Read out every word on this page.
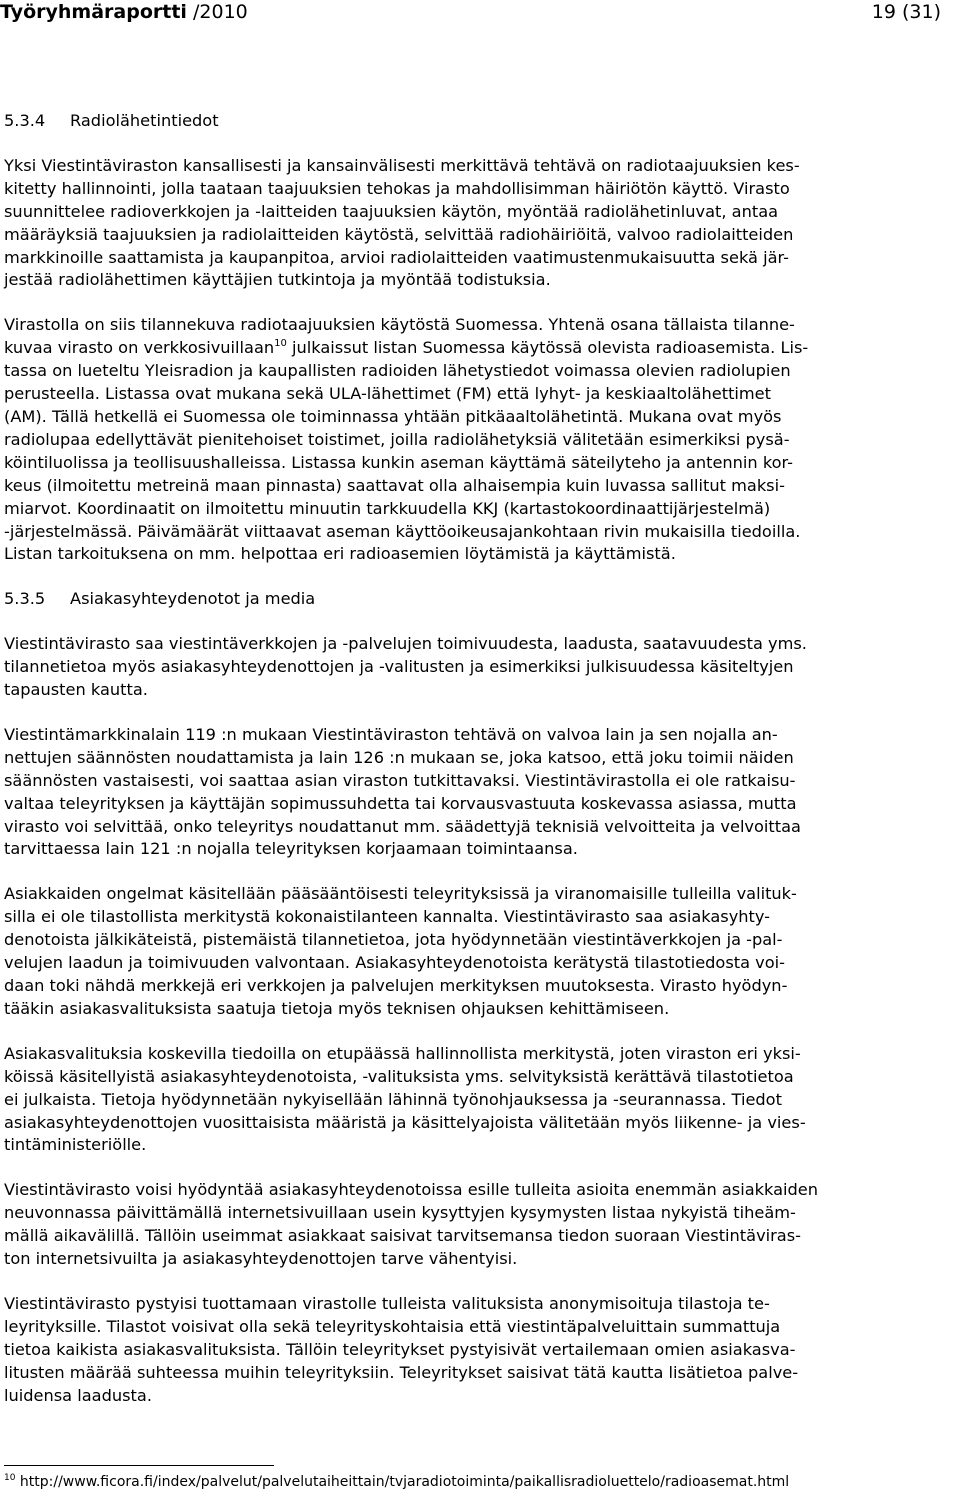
Työryhmäraportti /2010	19 (31)
5.3.4 Radiolähetintiedot
Yksi Viestintäviraston kansallisesti ja kansainvälisesti merkittävä tehtävä on radiotaajuuksien kes-
kitetty hallinnointi, jolla taataan taajuuksien tehokas ja mahdollisimman häiriötön käyttö. Virasto
suunnittelee radioverkkojen ja -laitteiden taajuuksien käytön, myöntää radiolähetinluvat, antaa
määräyksiä taajuuksien ja radiolaitteiden käytöstä, selvittää radiohäiriöitä, valvoo radiolaitteiden
markkinoille saattamista ja kaupanpitoa, arvioi radiolaitteiden vaatimustenmukaisuutta sekä jär-
jestää radiolähettimen käyttäjien tutkintoja ja myöntää todistuksia.
Virastolla on siis tilannekuva radiotaajuuksien käytöstä Suomessa. Yhtenä osana tällaista tilanne-
kuvaa virasto on verkkosivuillaan$^{10}$ julkaissut listan Suomessa käytössä olevista radioasemista. Lis-
tassa on lueteltu Yleisradion ja kaupallisten radioiden lähetystiedot voimassa olevien radiolupien
perusteella. Listassa ovat mukana sekä ULA-lähettimet (FM) että lyhyt- ja keskiaaltolähettimet
(AM). Tällä hetkellä ei Suomessa ole toiminnassa yhtään pitkäaaltolähetintä. Mukana ovat myös
radiolupaa edellyttävät pienitehoiset toistimet, joilla radiolähetyksiä välitetään esimerkiksi pysä-
köintiluolissa ja teollisuushalleissa. Listassa kunkin aseman käyttämä säteilyteho ja antennin kor-
keus (ilmoitettu metreinä maan pinnasta) saattavat olla alhaisempia kuin luvassa sallitut maksi-
miarvot. Koordinaatit on ilmoitettu minuutin tarkkuudella KKJ (kartastokoordinaattijärjestelmä)
-järjestelmässä. Päivämäärät viittaavat aseman käyttöoikeusajankohtaan rivin mukaisilla tiedoilla.
Listan tarkoituksena on mm. helpottaa eri radioasemien löytämistä ja käyttämistä.
5.3.5 Asiakasyhteydenotot ja media
Viestintävirasto saa viestintäverkkojen ja -palvelujen toimivuudesta, laadusta, saatavuudesta yms.
tilannetietoa myös asiakasyhteydenottojen ja -valitusten ja esimerkiksi julkisuudessa käsiteltyjen
tapausten kautta.
Viestintämarkkinalain 119 :n mukaan Viestintäviraston tehtävä on valvoa lain ja sen nojalla an-
nettujen säännösten noudattamista ja lain 126 :n mukaan se, joka katsoo, että joku toimii näiden
säännösten vastaisesti, voi saattaa asian viraston tutkittavaksi. Viestintävirastolla ei ole ratkaisu-
valtaa teleyrityksen ja käyttäjän sopimussuhdetta tai korvausvastuuta koskevassa asiassa, mutta
virasto voi selvittää, onko teleyritys noudattanut mm. säädettyjä teknisiä velvoitteita ja velvoittaa
tarvittaessa lain 121 :n nojalla teleyrityksen korjaamaan toimintaansa.
Asiakkaiden ongelmat käsitellään pääsääntöisesti teleyrityksissä ja viranomaisille tulleilla valituk-
silla ei ole tilastollista merkitystä kokonaistilanteen kannalta. Viestintävirasto saa asiakasyhty-
denotoista jälkikäteistä, pistemäistä tilannetietoa, jota hyödynnetään viestintäverkkojen ja -pal-
velujen laadun ja toimivuuden valvontaan. Asiakasyhteydenotoista kerätystä tilastotiedosta voi-
daan toki nähdä merkkejä eri verkkojen ja palvelujen merkityksen muutoksesta. Virasto hyödyn-
tääkin asiakasvalituksista saatuja tietoja myös teknisen ohjauksen kehittämiseen.
Asiakasvalituksia koskevilla tiedoilla on etupäässä hallinnollista merkitystä, joten viraston eri yksi-
köissä käsitellyistä asiakasyhteydenotoista, -valituksista yms. selvityksistä kerättävä tilastotietoa
ei julkaista. Tietoja hyödynnetään nykyisellään lähinnä työnohjauksessa ja -seurannassa. Tiedot
asiakasyhteydenottojen vuosittaisista määristä ja käsittelyajoista välitetään myös liikenne- ja vies-
tintäministeriölle.
Viestintävirasto voisi hyödyntää asiakasyhteydenotoissa esille tulleita asioita enemmän asiakkaiden
neuvonnassa päivittämällä internetsivuillaan usein kysyttyjen kysymysten listaa nykyistä tiheäm-
mällä aikavälillä. Tällöin useimmat asiakkaat saisivat tarvitsemansa tiedon suoraan Viestintäviras-
ton internetsivuilta ja asiakasyhteydenottojen tarve vähentyisi.
Viestintävirasto pystyisi tuottamaan virastolle tulleista valituksista anonymisoituja tilastoja te-
leyrityksille. Tilastot voisivat olla sekä teleyrityskohtaisia että viestintäpalveluittain summattuja
tietoa kaikista asiakasvalituksista. Tällöin teleyritykset pystyisivät vertailemaan omien asiakasva-
litusten määrää suhteessa muihin teleyrityksiin. Teleyritykset saisivat tätä kautta lisätietoa palve-
luidensa laadusta.
$^{10}$ http://www.ficora.fi/index/palvelut/palvelutaiheittain/tvjaradiotoiminta/paikallisradioluettelo/radioasemat.html
